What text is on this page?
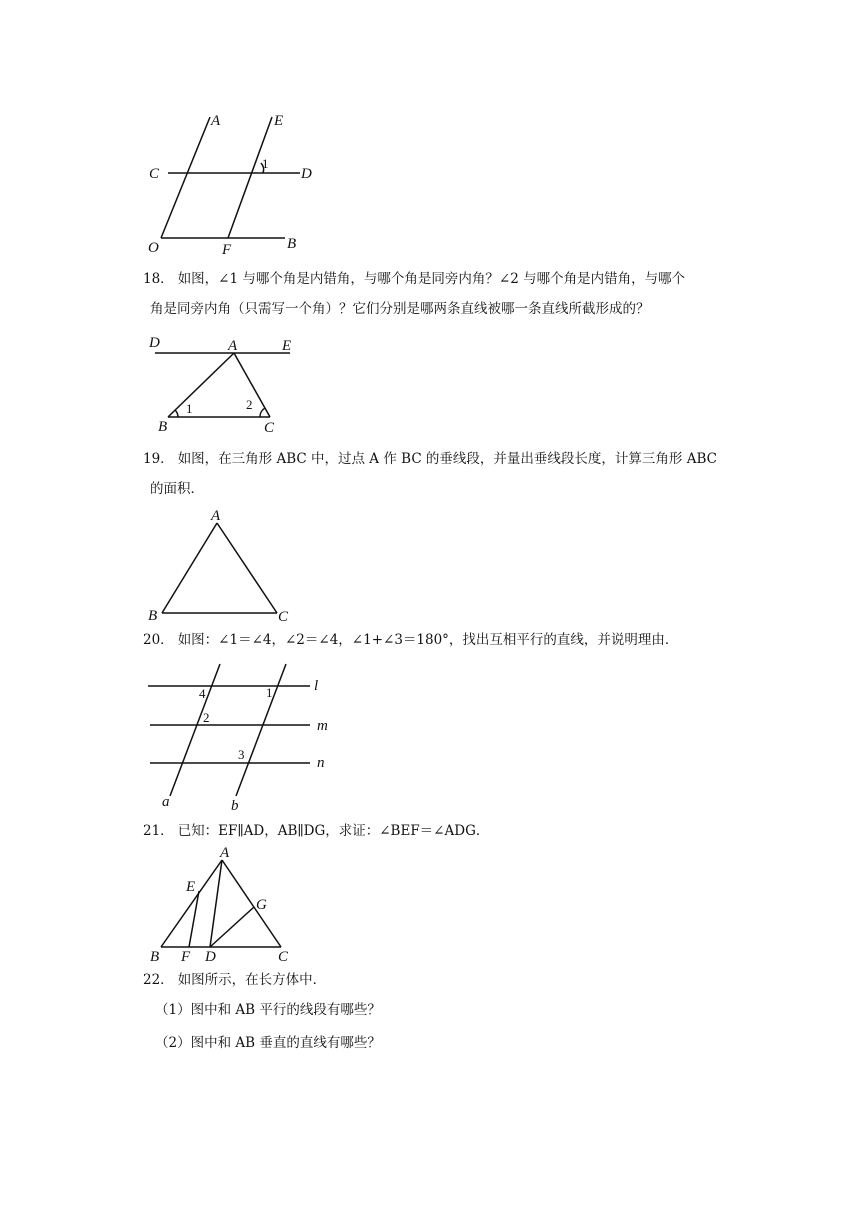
A	E
C	D
1
O	F	B

18． 如图，∠1 与哪个角是内错角，与哪个角是同旁内角？∠2 与哪个角是内错角，与哪个
角是同旁内角（只需写一个角）？它们分别是哪两条直线被哪一条直线所截形成的？

D	A	E
1	2
B	C

19． 如图，在三角形 ABC 中，过点 A 作 BC 的垂线段，并量出垂线段长度，计算三角形 ABC
的面积．

A
B	C

20． 如图：∠1＝∠4，∠2＝∠4，∠1+∠3＝180°，找出互相平行的直线，并说明理由．

4	1	l
2
m
3
n
a	b

21． 已知：EF∥AD，AB∥DG，求证：∠BEF＝∠ADG．

A
E
G
B F D	C

22． 如图所示，在长方体中．

（1）图中和 AB 平行的线段有哪些？

（2）图中和 AB 垂直的直线有哪些？
